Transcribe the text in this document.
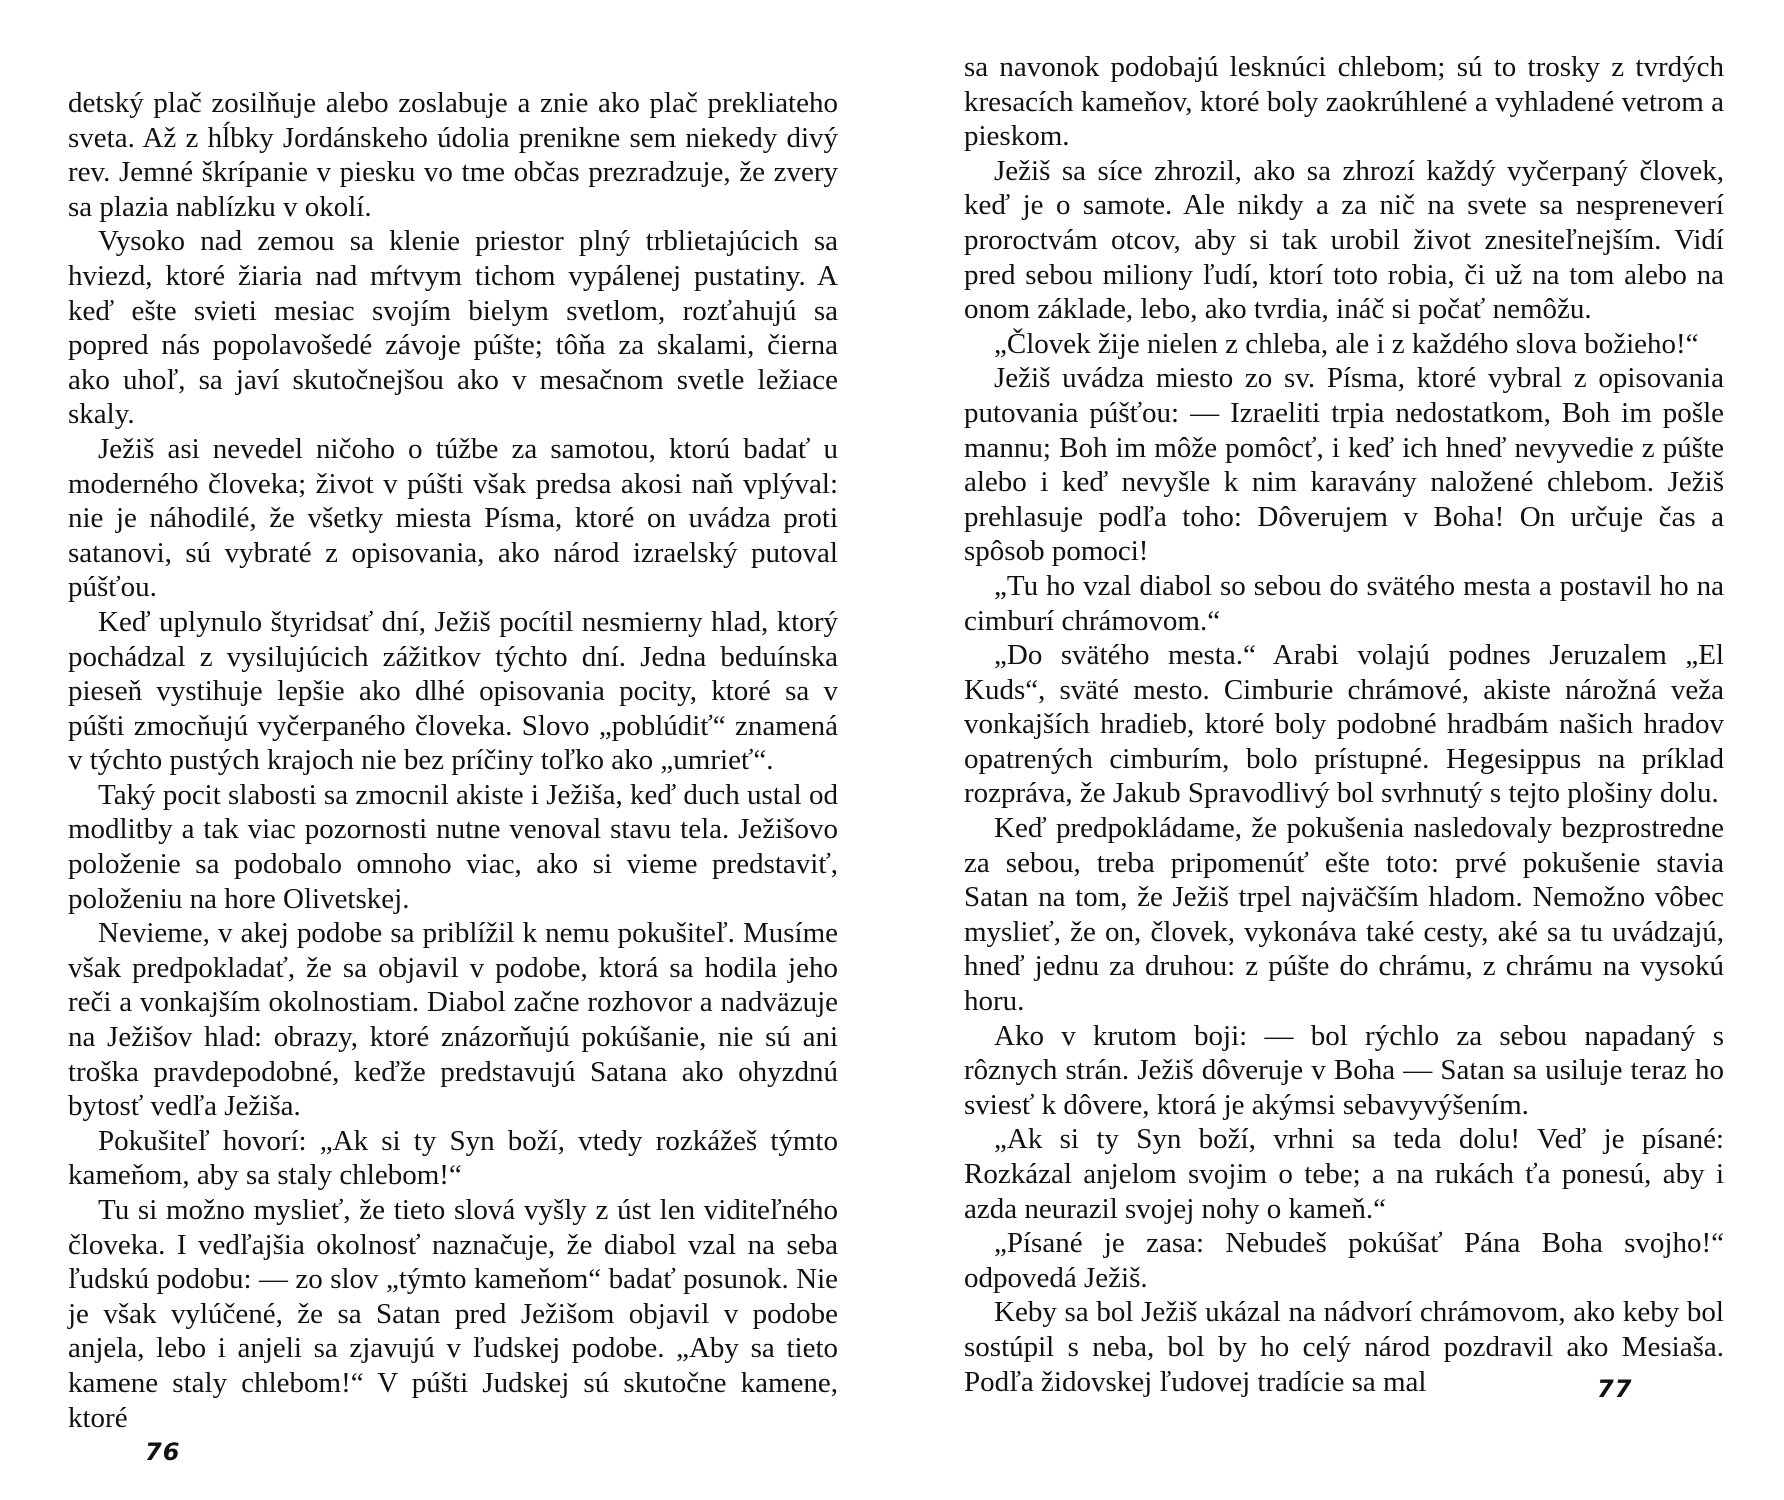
detský plač zosilňuje alebo zoslabuje a znie ako plač prekliateho sveta. Až z hĺbky Jordánskeho údolia prenikne sem niekedy divý rev. Jemné škrípanie v piesku vo tme občas prezradzuje, že zvery sa plazia nablízku v okolí.

Vysoko nad zemou sa klenie priestor plný trblietajúcich sa hviezd, ktoré žiaria nad mŕtvym tichom vypálenej pustatiny. A keď ešte svieti mesiac svojím bielym svetlom, rozťahujú sa popred nás popolavošedé závoje púšte; tôňa za skalami, čierna ako uhoľ, sa javí skutočnejšou ako v mesačnom svetle ležiace skaly.

Ježiš asi nevedel ničoho o túžbe za samotou, ktorú badať u moderného človeka; život v púšti však predsa akosi naň vplýval: nie je náhodilé, že všetky miesta Písma, ktoré on uvádza proti satanovi, sú vybraté z opisovania, ako národ izraelský putoval púšťou.

Keď uplynulo štyridsať dní, Ježiš pocítil nesmierny hlad, ktorý pochádzal z vysilujúcich zážitkov týchto dní. Jedna beduínska pieseň vystihuje lepšie ako dlhé opisovania pocity, ktoré sa v púšti zmocňujú vyčerpaného človeka. Slovo „poblúdiť“ znamená v týchto pustých krajoch nie bez príčiny toľko ako „umrieť“.

Taký pocit slabosti sa zmocnil akiste i Ježiša, keď duch ustal od modlitby a tak viac pozornosti nutne venoval stavu tela. Ježišovo položenie sa podobalo omnoho viac, ako si vieme predstaviť, položeniu na hore Olivetskej.

Nevieme, v akej podobe sa priblížil k nemu pokušiteľ. Musíme však predpokladať, že sa objavil v podobe, ktorá sa hodila jeho reči a vonkajším okolnostiam. Diabol začne rozhovor a nadväzuje na Ježišov hlad: obrazy, ktoré znázorňujú pokúšanie, nie sú ani troška pravdepodobné, keďže predstavujú Satana ako ohyzdnú bytosť vedľa Ježiša.

Pokušiteľ hovorí: „Ak si ty Syn boží, vtedy rozkážeš týmto kameňom, aby sa staly chlebom!“

Tu si možno myslieť, že tieto slová vyšly z úst len viditeľného človeka. I vedľajšia okolnosť naznačuje, že diabol vzal na seba ľudskú podobu: — zo slov „týmto kameňom“ badať posunok. Nie je však vylúčené, že sa Satan pred Ježišom objavil v podobe anjela, lebo i anjeli sa zjavujú v ľudskej podobe. „Aby sa tieto kamene staly chlebom!“ V púšti Judskej sú skutočne kamene, ktoré

76

sa navonok podobajú lesknúci chlebom; sú to trosky z tvrdých kresacích kameňov, ktoré boly zaokrúhlené a vyhladené vetrom a pieskom.

Ježiš sa síce zhrozil, ako sa zhrozí každý vyčerpaný človek, keď je o samote. Ale nikdy a za nič na svete sa nespreneverí proroctvám otcov, aby si tak urobil život znesiteľnejším. Vidí pred sebou miliony ľudí, ktorí toto robia, či už na tom alebo na onom základe, lebo, ako tvrdia, ináč si počať nemôžu.

„Človek žije nielen z chleba, ale i z každého slova božieho!“

Ježiš uvádza miesto zo sv. Písma, ktoré vybral z opisovania putovania púšťou: — Izraeliti trpia nedostatkom, Boh im pošle mannu; Boh im môže pomôcť, i keď ich hneď nevyvedie z púšte alebo i keď nevyšle k nim karavány naložené chlebom. Ježiš prehlasuje podľa toho: Dôverujem v Boha! On určuje čas a spôsob pomoci!

„Tu ho vzal diabol so sebou do svätého mesta a postavil ho na cimburí chrámovom.“

„Do svätého mesta.“ Arabi volajú podnes Jeruzalem „El Kuds“, sväté mesto. Cimburie chrámové, akiste nárožná veža vonkajších hradieb, ktoré boly podobné hradbám našich hradov opatrených cimburím, bolo prístupné. Hegesippus na príklad rozpráva, že Jakub Spravodlivý bol svrhnutý s tejto plošiny dolu.

Keď predpokládame, že pokušenia nasledovaly bezprostredne za sebou, treba pripomenúť ešte toto: prvé pokušenie stavia Satan na tom, že Ježiš trpel najväčším hladom. Nemožno vôbec myslieť, že on, človek, vykonáva také cesty, aké sa tu uvádzajú, hneď jednu za druhou: z púšte do chrámu, z chrámu na vysokú horu.

Ako v krutom boji: — bol rýchlo za sebou napadaný s rôznych strán. Ježiš dôveruje v Boha — Satan sa usiluje teraz ho sviesť k dôvere, ktorá je akýmsi sebavyvýšením.

„Ak si ty Syn boží, vrhni sa teda dolu! Veď je písané: Rozkázal anjelom svojim o tebe; a na rukách ťa ponesú, aby i azda neurazil svojej nohy o kameň.“

„Písané je zasa: Nebudeš pokúšať Pána Boha svojho!“ odpovedá Ježiš.

Keby sa bol Ježiš ukázal na nádvorí chrámovom, ako keby bol sostúpil s neba, bol by ho celý národ pozdravil ako Mesiaša. Podľa židovskej ľudovej tradície sa mal	77
